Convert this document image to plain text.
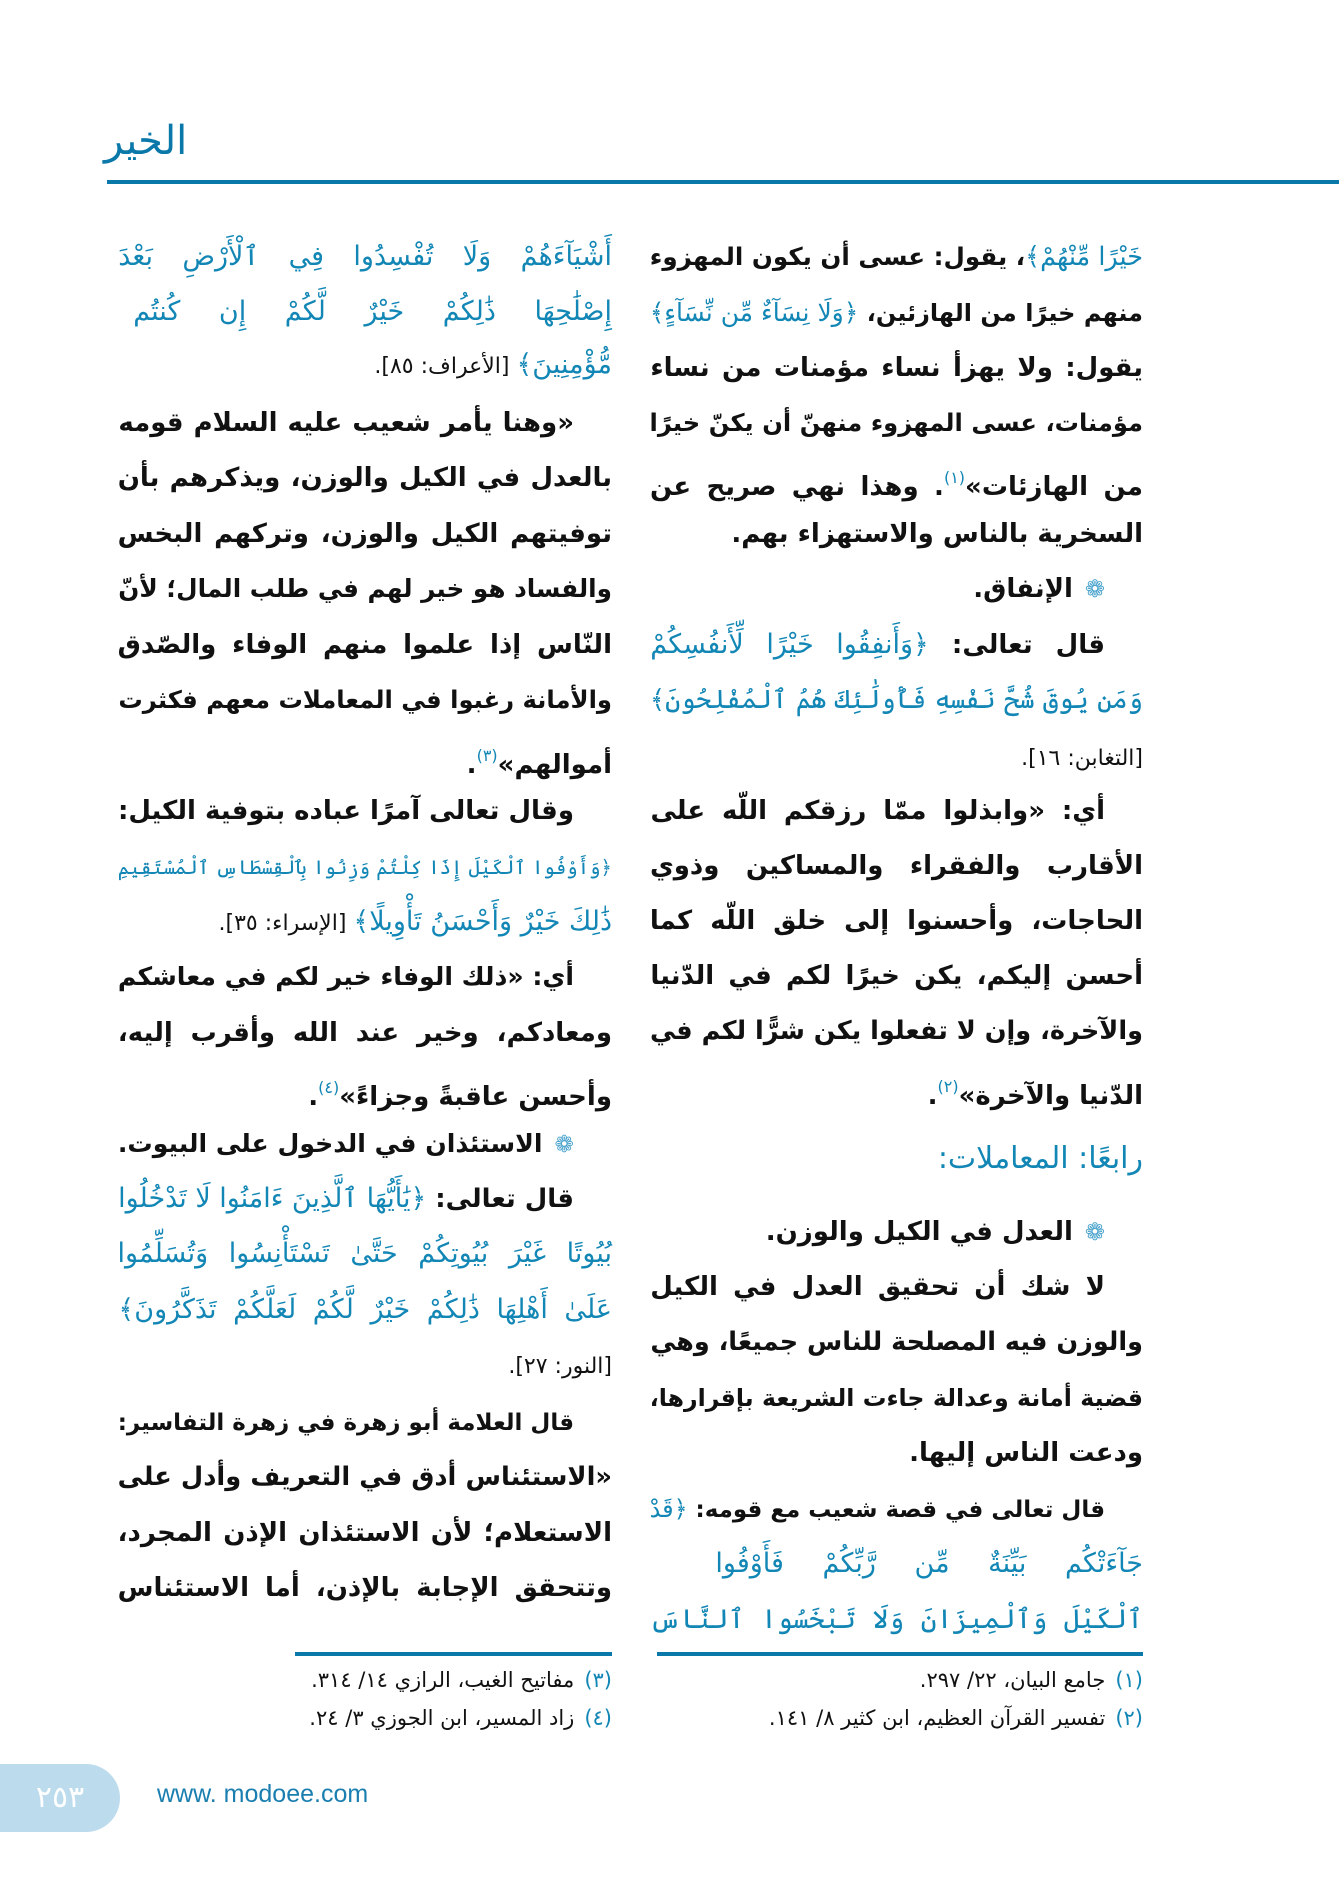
الخير
خَيْرًا مِّنْهُمْ﴾، يقول: عسى أن يكون المهزوء
منهم خيرًا من الهازئين، ﴿وَلَا نِسَآءٌ مِّن نِّسَآءٍ﴾
يقول: ولا يهزأ نساء مؤمنات من نساء
مؤمنات، عسى المهزوء منهنّ أن يكنّ خيرًا
من الهازئات»$^{(١)}$. وهذا نهي صريح عن
السخرية بالناس والاستهزاء بهم.
❁الإنفاق.
قال تعالى: ﴿وَأَنفِقُوا خَيْرًا لِّأَنفُسِكُمْ
وَمَن يُوقَ شُحَّ نَفْسِهِ فَأُولَٰئِكَ هُمُ ٱلْمُفْلِحُونَ﴾
[التغابن: ١٦].
أي: «وابذلوا ممّا رزقكم اللّه على
الأقارب والفقراء والمساكين وذوي
الحاجات، وأحسنوا إلى خلق اللّه كما
أحسن إليكم، يكن خيرًا لكم في الدّنيا
والآخرة، وإن لا تفعلوا يكن شرًّا لكم في
الدّنيا والآخرة»$^{(٢)}$.
رابعًا: المعاملات:
❁العدل في الكيل والوزن.
لا شك أن تحقيق العدل في الكيل
والوزن فيه المصلحة للناس جميعًا، وهي
قضية أمانة وعدالة جاءت الشريعة بإقرارها،
ودعت الناس إليها.
قال تعالى في قصة شعيب مع قومه: ﴿قَدْ
جَآءَتْكُم بَيِّنَةٌ مِّن رَّبِّكُمْ فَأَوْفُوا
ٱلْكَيْلَ وَٱلْمِيزَانَ وَلَا تَبْخَسُوا ٱلنَّاسَ
أَشْيَآءَهُمْ وَلَا تُفْسِدُوا فِي ٱلْأَرْضِ بَعْدَ
إِصْلَٰحِهَا ذَٰلِكُمْ خَيْرٌ لَّكُمْ إِن كُنتُم
مُّؤْمِنِينَ﴾ [الأعراف: ٨٥].
«وهنا يأمر شعيب عليه السلام قومه
بالعدل في الكيل والوزن، ويذكرهم بأن
توفيتهم الكيل والوزن، وتركهم البخس
والفساد هو خير لهم في طلب المال؛ لأنّ
النّاس إذا علموا منهم الوفاء والصّدق
والأمانة رغبوا في المعاملات معهم فكثرت
أموالهم»$^{(٣)}$.
وقال تعالى آمرًا عباده بتوفية الكيل:
﴿وَأَوْفُوا ٱلْكَيْلَ إِذَا كِلْتُمْ وَزِنُوا بِٱلْقِسْطَاسِ ٱلْمُسْتَقِيمِ
ذَٰلِكَ خَيْرٌ وَأَحْسَنُ تَأْوِيلًا﴾ [الإسراء: ٣٥].
أي: «ذلك الوفاء خير لكم في معاشكم
ومعادكم، وخير عند الله وأقرب إليه،
وأحسن عاقبةً وجزاءً»$^{(٤)}$.
❁الاستئذان في الدخول على البيوت.
قال تعالى: ﴿يَٰأَيُّهَا ٱلَّذِينَ ءَامَنُوا لَا تَدْخُلُوا
بُيُوتًا غَيْرَ بُيُوتِكُمْ حَتَّىٰ تَسْتَأْنِسُوا وَتُسَلِّمُوا
عَلَىٰ أَهْلِهَا ذَٰلِكُمْ خَيْرٌ لَّكُمْ لَعَلَّكُمْ تَذَكَّرُونَ﴾
[النور: ٢٧].
قال العلامة أبو زهرة في زهرة التفاسير:
«الاستئناس أدق في التعريف وأدل على
الاستعلام؛ لأن الاستئذان الإذن المجرد،
وتتحقق الإجابة بالإذن، أما الاستئناس
(١)جامع البيان، ٢٢/ ٢٩٧.
(٢)تفسير القرآن العظيم، ابن كثير ٨/ ١٤١.
(٣)مفاتيح الغيب، الرازي ١٤/ ٣١٤.
(٤)زاد المسير، ابن الجوزي ٣/ ٢٤.
٢٥٣	www. modoee.com
